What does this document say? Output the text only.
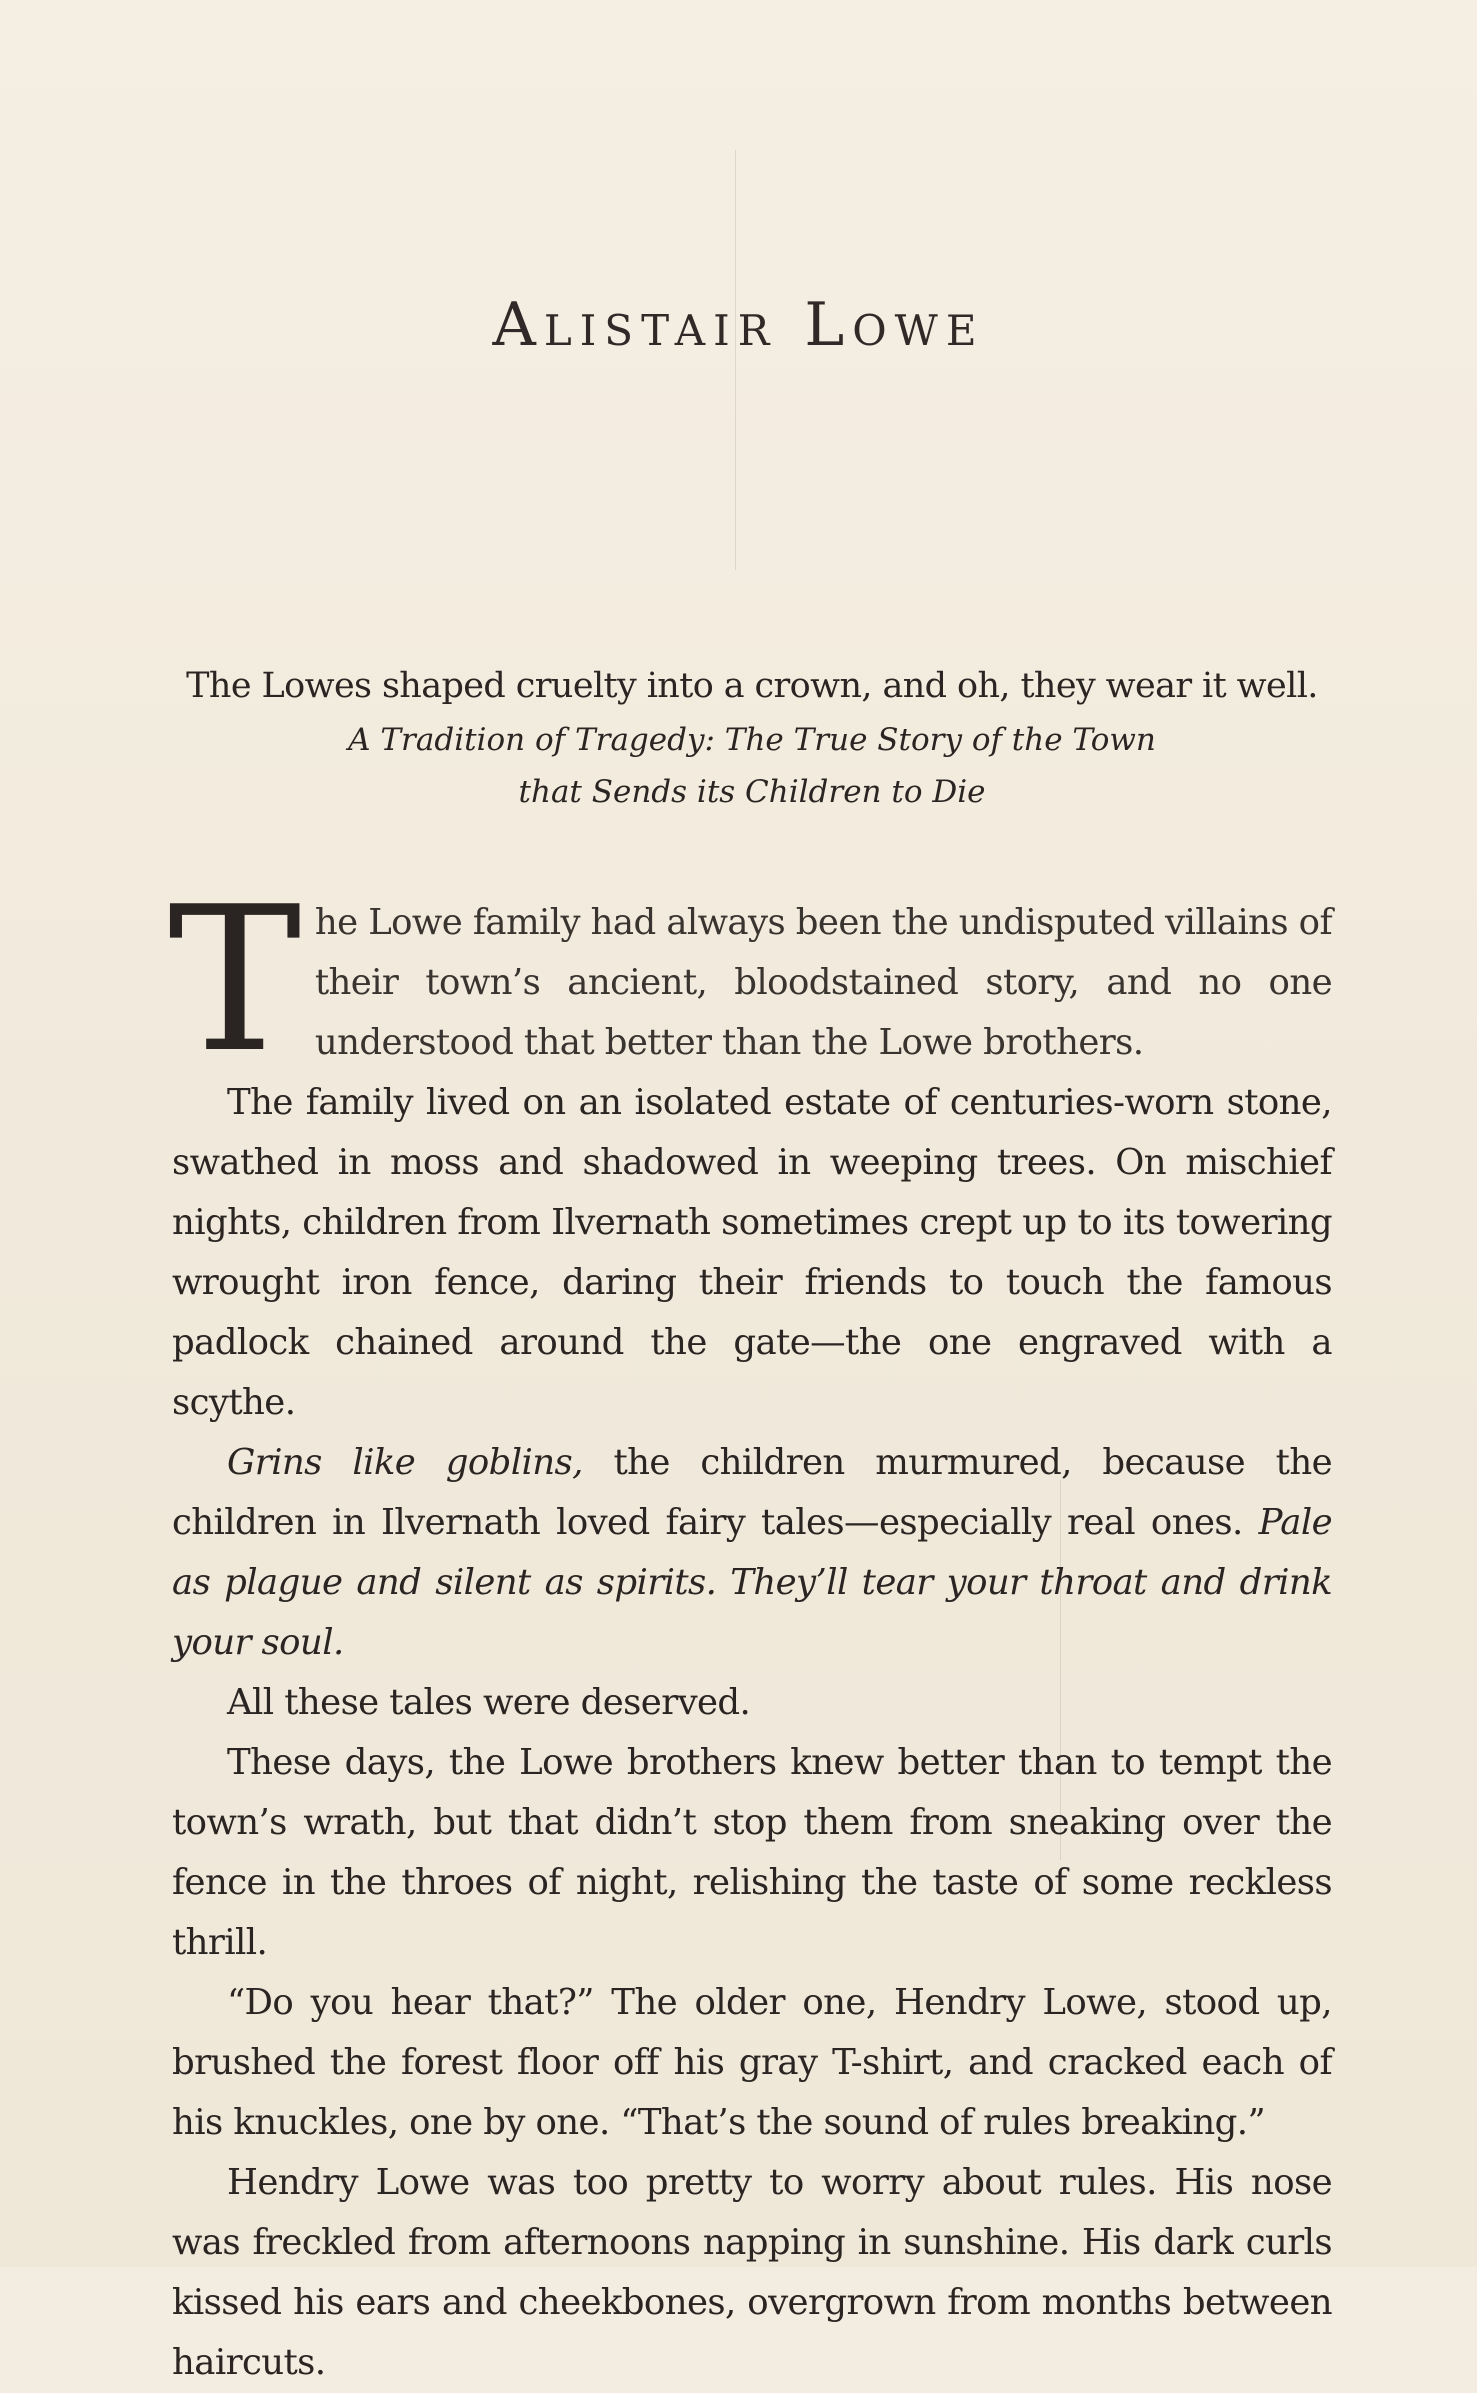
Alistair Lowe

The Lowes shaped cruelty into a crown, and oh, they wear it well.

A Tradition of Tragedy: The True Story of the Town

that Sends its Children to Die

The Lowe family had always been the undisputed villains of their town’s ancient, bloodstained story, and no one understood that better than the Lowe brothers.

The family lived on an isolated estate of centuries-worn stone, swathed in moss and shadowed in weeping trees. On mischief nights, children from Ilvernath sometimes crept up to its towering wrought iron fence, daring their friends to touch the famous padlock chained around the gate—the one engraved with a scythe.

Grins like goblins, the children murmured, because the children in Ilvernath loved fairy tales—especially real ones. Pale as plague and silent as spirits. They’ll tear your throat and drink your soul.

All these tales were deserved.

These days, the Lowe brothers knew better than to tempt the town’s wrath, but that didn’t stop them from sneaking over the fence in the throes of night, relishing the taste of some reckless thrill.

“Do you hear that?” The older one, Hendry Lowe, stood up, brushed the forest floor off his gray T-shirt, and cracked each of his knuckles, one by one. “That’s the sound of rules breaking.”

Hendry Lowe was too pretty to worry about rules. His nose was freckled from afternoons napping in sunshine. His dark curls kissed his ears and cheekbones, overgrown from months between haircuts.
